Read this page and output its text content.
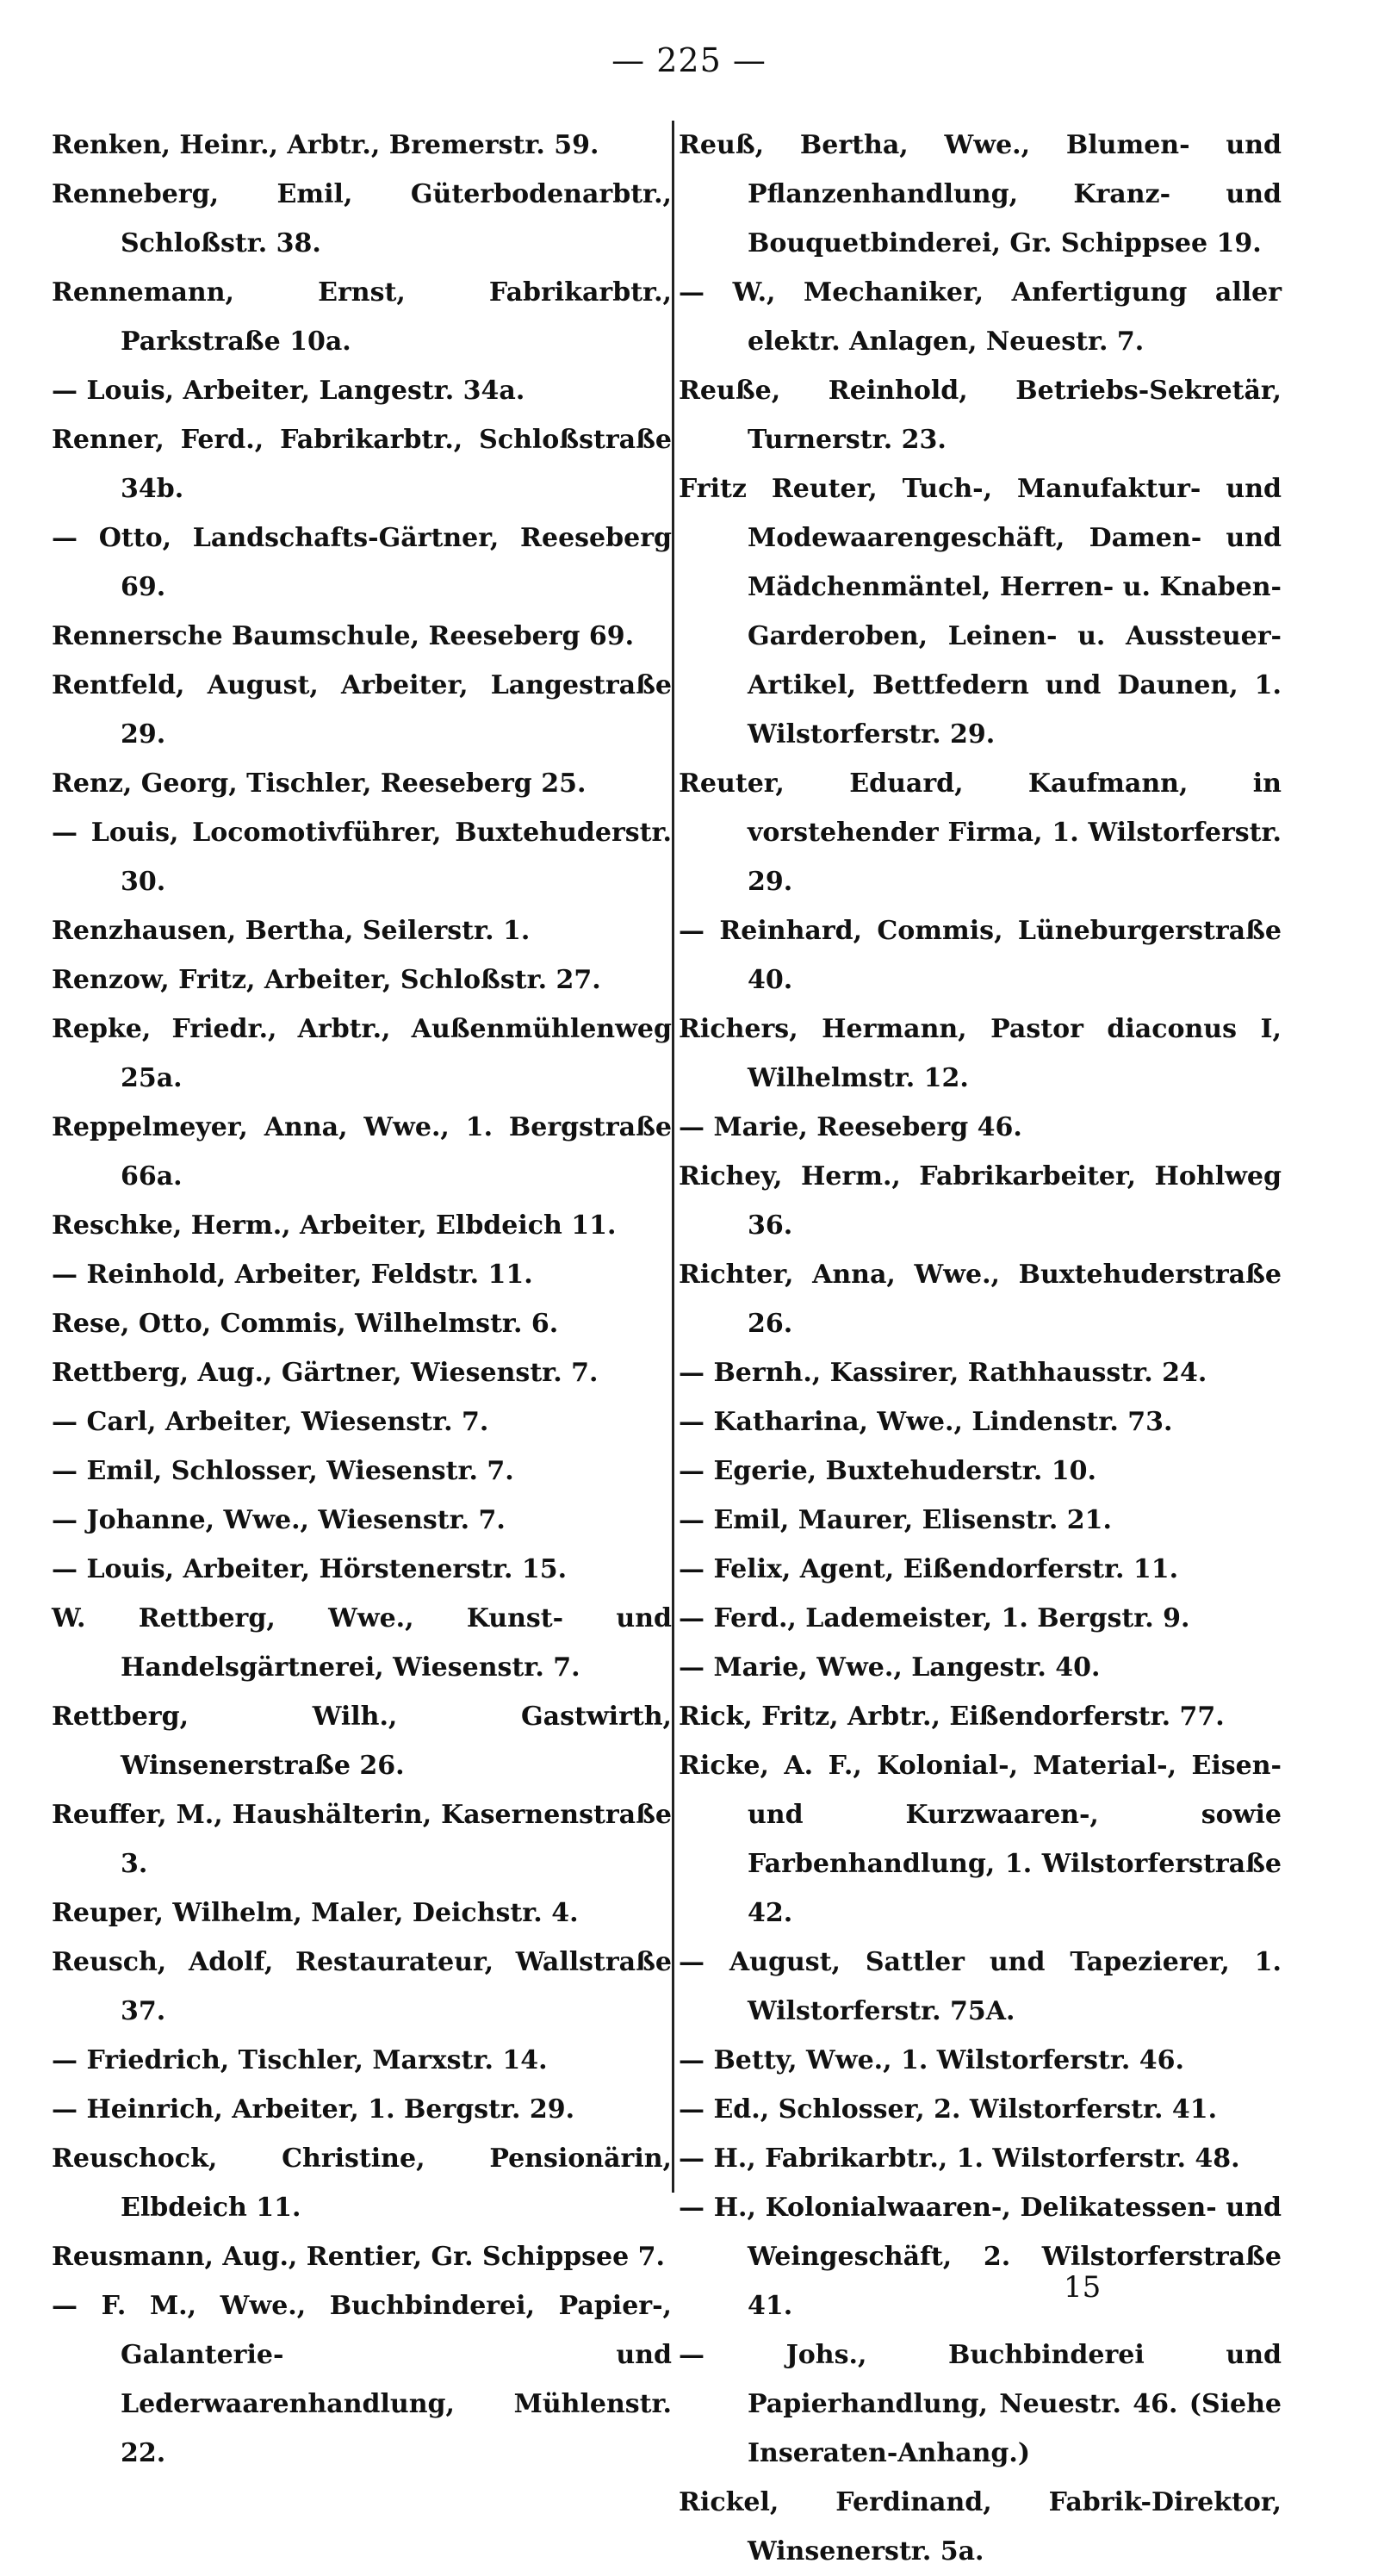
— 225 —
Renken, Heinr., Arbtr., Bremerstr. 59.
Renneberg, Emil, Güterbodenarbtr., Schloßstr. 38.
Rennemann, Ernst, Fabrikarbtr., Parkstraße 10a.
— Louis, Arbeiter, Langestr. 34a.
Renner, Ferd., Fabrikarbtr., Schloßstraße 34b.
— Otto, Landschafts-Gärtner, Reeseberg 69.
Rennersche Baumschule, Reeseberg 69.
Rentfeld, August, Arbeiter, Langestraße 29.
Renz, Georg, Tischler, Reeseberg 25.
— Louis, Locomotivführer, Buxtehuderstr. 30.
Renzhausen, Bertha, Seilerstr. 1.
Renzow, Fritz, Arbeiter, Schloßstr. 27.
Repke, Friedr., Arbtr., Außenmühlenweg 25a.
Reppelmeyer, Anna, Wwe., 1. Bergstraße 66a.
Reschke, Herm., Arbeiter, Elbdeich 11.
— Reinhold, Arbeiter, Feldstr. 11.
Rese, Otto, Commis, Wilhelmstr. 6.
Rettberg, Aug., Gärtner, Wiesenstr. 7.
— Carl, Arbeiter, Wiesenstr. 7.
— Emil, Schlosser, Wiesenstr. 7.
— Johanne, Wwe., Wiesenstr. 7.
— Louis, Arbeiter, Hörstenerstr. 15.
W. Rettberg, Wwe., Kunst- und Handelsgärtnerei, Wiesenstr. 7.
Rettberg, Wilh., Gastwirth, Winsenerstraße 26.
Reuffer, M., Haushälterin, Kasernenstraße 3.
Reuper, Wilhelm, Maler, Deichstr. 4.
Reusch, Adolf, Restaurateur, Wallstraße 37.
— Friedrich, Tischler, Marxstr. 14.
— Heinrich, Arbeiter, 1. Bergstr. 29.
Reuschock, Christine, Pensionärin, Elbdeich 11.
Reusmann, Aug., Rentier, Gr. Schippsee 7.
— F. M., Wwe., Buchbinderei, Papier-, Galanterie- und Lederwaarenhandlung, Mühlenstr. 22.
Reuß, Bertha, Wwe., Blumen- und Pflanzenhandlung, Kranz- und Bouquetbinderei, Gr. Schippsee 19.
— W., Mechaniker, Anfertigung aller elektr. Anlagen, Neuestr. 7.
Reuße, Reinhold, Betriebs-Sekretär, Turnerstr. 23.
Fritz Reuter, Tuch-, Manufaktur- und Modewaarengeschäft, Damen- und Mädchenmäntel, Herren- u. Knaben-Garderoben, Leinen- u. Aussteuer-Artikel, Bettfedern und Daunen, 1. Wilstorferstr. 29.
Reuter, Eduard, Kaufmann, in vorstehender Firma, 1. Wilstorferstr. 29.
— Reinhard, Commis, Lüneburgerstraße 40.
Richers, Hermann, Pastor diaconus I, Wilhelmstr. 12.
— Marie, Reeseberg 46.
Richey, Herm., Fabrikarbeiter, Hohlweg 36.
Richter, Anna, Wwe., Buxtehuderstraße 26.
— Bernh., Kassirer, Rathhausstr. 24.
— Katharina, Wwe., Lindenstr. 73.
— Egerie, Buxtehuderstr. 10.
— Emil, Maurer, Elisenstr. 21.
— Felix, Agent, Eißendorferstr. 11.
— Ferd., Lademeister, 1. Bergstr. 9.
— Marie, Wwe., Langestr. 40.
Rick, Fritz, Arbtr., Eißendorferstr. 77.
Ricke, A. F., Kolonial-, Material-, Eisen- und Kurzwaaren-, sowie Farbenhandlung, 1. Wilstorferstraße 42.
— August, Sattler und Tapezierer, 1. Wilstorferstr. 75A.
— Betty, Wwe., 1. Wilstorferstr. 46.
— Ed., Schlosser, 2. Wilstorferstr. 41.
— H., Fabrikarbtr., 1. Wilstorferstr. 48.
— H., Kolonialwaaren-, Delikatessen- und Weingeschäft, 2. Wilstorferstraße 41.
— Johs., Buchbinderei und Papierhandlung, Neuestr. 46. (Siehe Inseraten-Anhang.)
Rickel, Ferdinand, Fabrik-Direktor, Winsenerstr. 5a.
15
